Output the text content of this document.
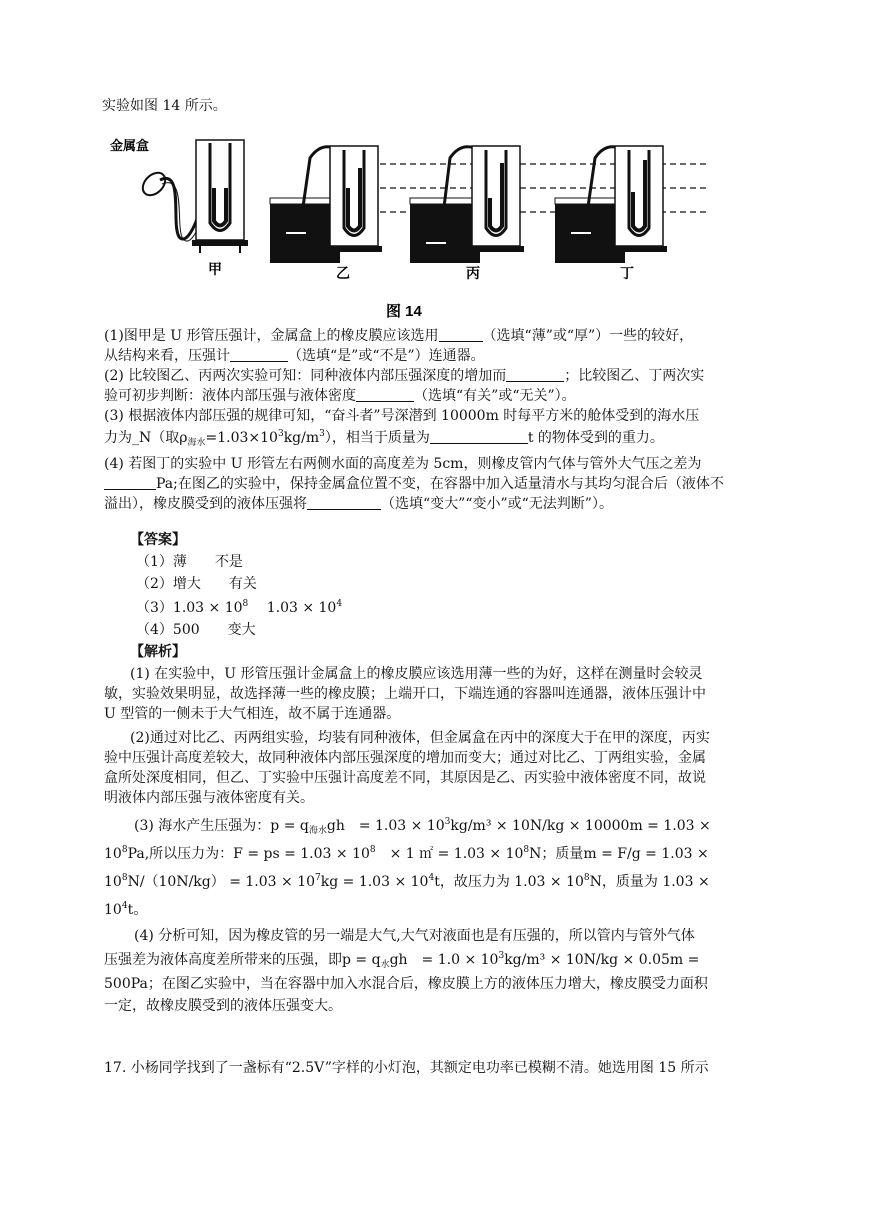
实验如图 14 所示。
金属盒
甲	乙	丙	丁
图 14
(1)图甲是 U 形管压强计，金属盒上的橡皮膜应该选用	（选填“薄”或“厚”）一些的较好，
从结构来看，压强计	（选填“是”或“不是”）连通器。
(2) 比较图乙、丙两次实验可知：同种液体内部压强深度的增加而	；比较图乙、丁两次实
验可初步判断：液体内部压强与液体密度	（选填“有关”或“无关”）。
(3) 根据液体内部压强的规律可知，“奋斗者”号深潜到 10000m 时每平方米的舱体受到的海水压
力为_N（取$\rho_{海水}=1.03\times 10^3kg/m^3$），相当于质量为	t 的物体受到的重力。
(4) 若图丁的实验中 U 形管左右两侧水面的高度差为 5cm，则橡皮管内气体与管外大气压之差为
Pa;在图乙的实验中，保持金属盒位置不变，在容器中加入适量清水与其均匀混合后（液体不
溢出），橡皮膜受到的液体压强将	（选填“变大”“变小”或“无法判断”）。
【答案】
（1）薄　　不是
（2）增大　　有关
$(3)1.03 \times 10^8$　 $1.03 \times 10^4$
（4）500　　变大
【解析】
(1) 在实验中，U 形管压强计金属盒上的橡皮膜应该选用薄一些的为好，这样在测量时会较灵
敏，实验效果明显，故选择薄一些的橡皮膜；上端开口，下端连通的容器叫连通器，液体压强计中
U 型管的一侧未于大气相连，故不属于连通器。
(2)通过对比乙、丙两组实验，均装有同种液体，但金属盒在丙中的深度大于在甲的深度，丙实
验中压强计高度差较大，故同种液体内部压强深度的增加而变大；通过对比乙、丁两组实验，金属
盒所处深度相同，但乙、丁实验中压强计高度差不同，其原因是乙、丙实验中液体密度不同，故说
明液体内部压强与液体密度有关。
(3) 海水产生压强为：$p = q_{海水}gh$　= $1.03 \times 10^3kg/m^3 \times 10N/kg \times 10000m = 1.03$ ×
$10^8Pa$,所以压力为：F = ps = $1.03 \times 10^8$　× 1 ㎡ = $1.03 \times 10^8N$；质量m = F/g = 1.03 ×
$10^8N/(10N/kg) = 1.03 \times 10^7kg = 1.03 \times 10^4t$，故压力为 $1.03 \times 10^8N$，质量为 1.03 ×
$10^4t$。
(4) 分析可知，因为橡皮管的另一端是大气,大气对液面也是有压强的，所以管内与管外气体
压强差为液体高度差所带来的压强，即$p = q_水gh$　= $1.0 \times 10^3kg/m^3 \times 10N/kg \times 0.05m$ =
500Pa；在图乙实验中，当在容器中加入水混合后，橡皮膜上方的液体压力增大，橡皮膜受力面积
一定，故橡皮膜受到的液体压强变大。
17. 小杨同学找到了一盏标有“2.5V”字样的小灯泡，其额定电功率已模糊不清。她选用图 15 所示
